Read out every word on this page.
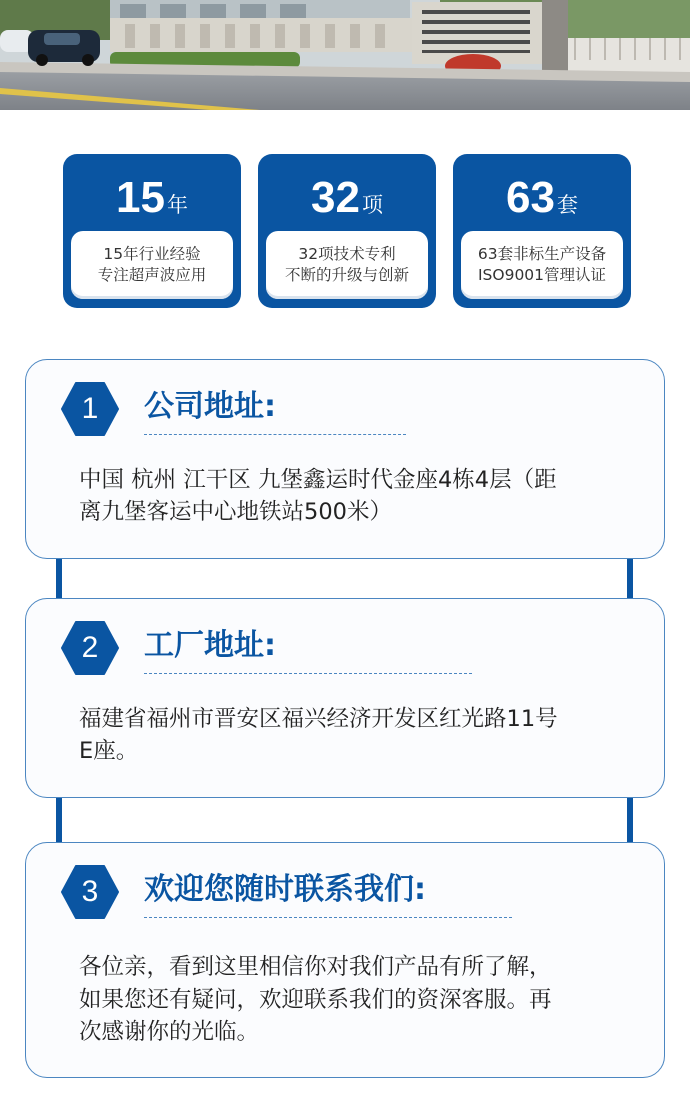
15年
15年行业经验
专注超声波应用
32项
32项技术专利
不断的升级与创新
63套
63套非标生产设备
ISO9001管理认证
1	公司地址:
中国 杭州 江干区 九堡鑫运时代金座4栋4层（距
离九堡客运中心地铁站500米）
2	工厂地址:
福建省福州市晋安区福兴经济开发区红光路11号
E座。
3	欢迎您随时联系我们:
各位亲，看到这里相信你对我们产品有所了解，
如果您还有疑问，欢迎联系我们的资深客服。再
次感谢你的光临。
